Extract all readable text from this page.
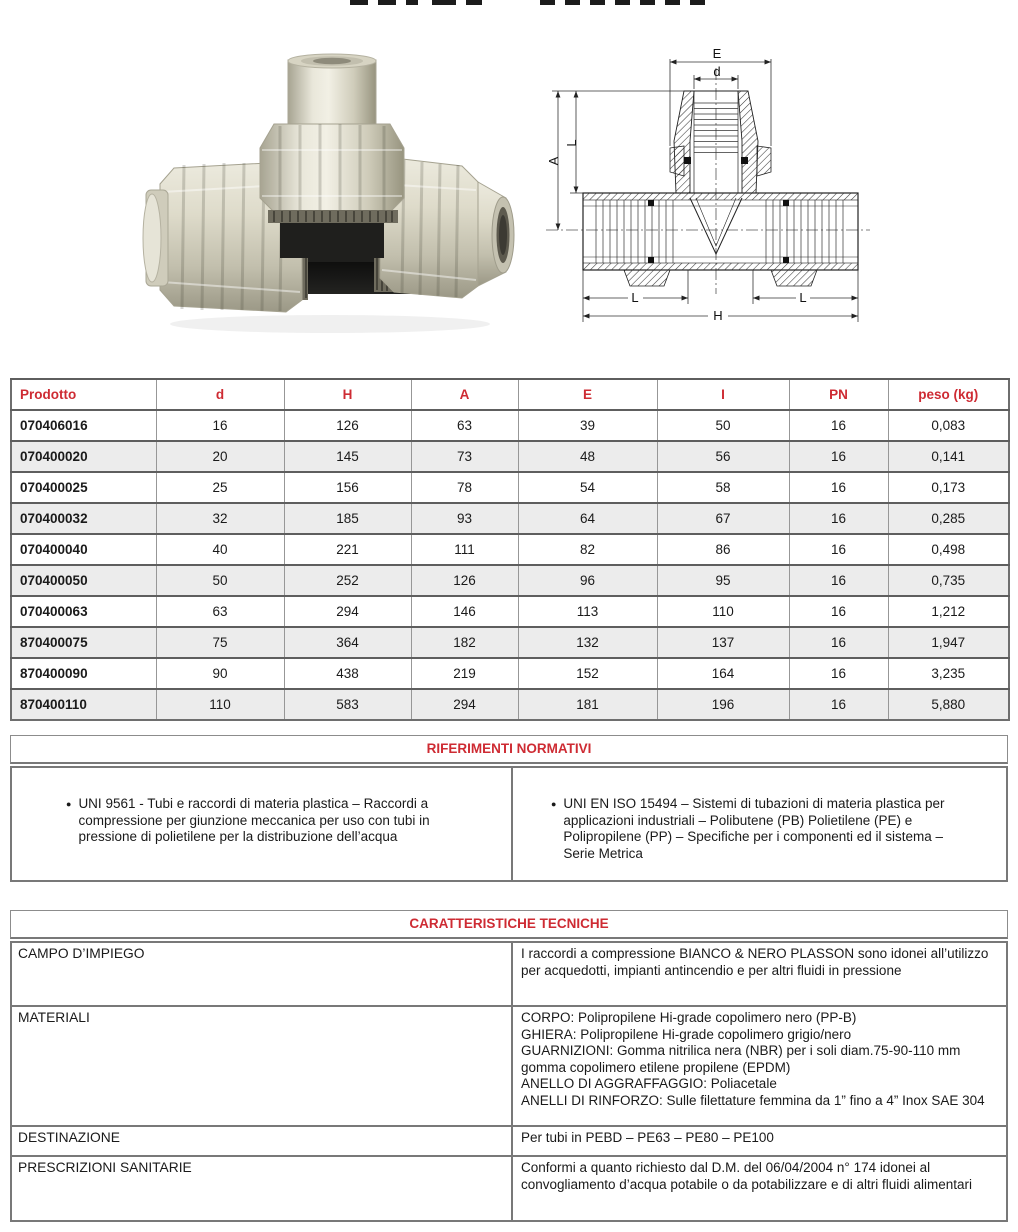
E
d
A
L
L	L
H
Prodotto	d	H	A	E	I	PN	peso (kg)
070406016	16	126	63	39	50	16	0,083
070400020	20	145	73	48	56	16	0,141
070400025	25	156	78	54	58	16	0,173
070400032	32	185	93	64	67	16	0,285
070400040	40	221	111	82	86	16	0,498
070400050	50	252	126	96	95	16	0,735
070400063	63	294	146	113	110	16	1,212
870400075	75	364	182	132	137	16	1,947
870400090	90	438	219	152	164	16	3,235
870400110	110	583	294	181	196	16	5,880
RIFERIMENTI NORMATIVI
● UNI 9561 - Tubi e raccordi di materia plastica – Raccordi a compressione per giunzione meccanica per uso con tubi in pressione di polietilene per la distribuzione dell’acqua
● UNI EN ISO 15494 – Sistemi di tubazioni di materia plastica per applicazioni industriali – Polibutene (PB) Polietilene (PE) e Polipropilene (PP) – Specifiche per i componenti ed il sistema – Serie Metrica
CARATTERISTICHE TECNICHE
CAMPO D’IMPIEGO	I raccordi a compressione BIANCO & NERO PLASSON sono idonei all’utilizzo per acquedotti, impianti antincendio e per altri fluidi in pressione
MATERIALI	CORPO: Polipropilene Hi-grade copolimero nero (PP-B)
GHIERA: Polipropilene Hi-grade copolimero grigio/nero
GUARNIZIONI: Gomma nitrilica nera (NBR) per i soli diam.75-90-110 mm gomma copolimero etilene propilene (EPDM)
ANELLO DI AGGRAFFAGGIO: Poliacetale
ANELLI DI RINFORZO: Sulle filettature femmina da 1” fino a 4” Inox SAE 304
DESTINAZIONE	Per tubi in PEBD – PE63 – PE80 – PE100
PRESCRIZIONI SANITARIE	Conformi a quanto richiesto dal D.M. del 06/04/2004 n° 174 idonei al convogliamento d’acqua potabile o da potabilizzare e di altri fluidi alimentari
